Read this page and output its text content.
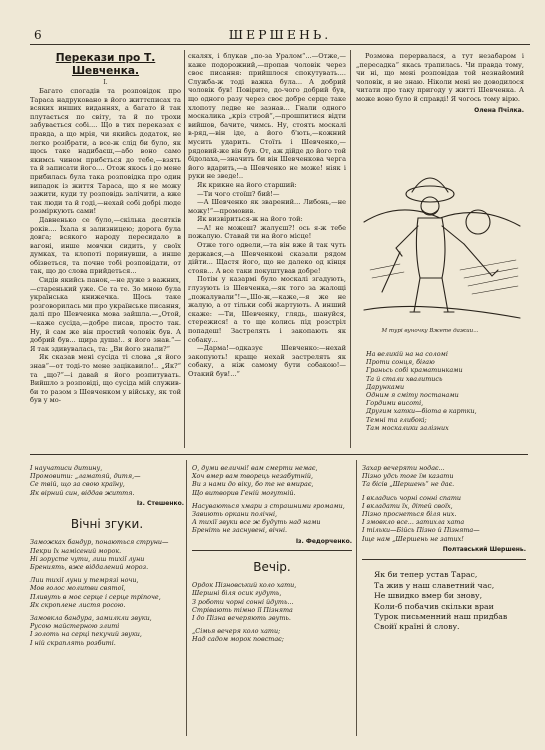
6	ШЕРШЕНЬ.
Перекази про Т. Шевченка.
I.

Багато спогадів та розповідок про Тараса надруковано в його життєписах та всяких инших виданнях, а багато й так плутається по світу, та й по трохи забувається собі.... Що в тих переказах є правда, а що мрія, чи якийсь додаток, не легко розібрати, а все-ж слід би було, як щось таке надибаєш,—або воно само якимсь чином прибється до тебе,—взять та й записати його.... Отож якось і до мене прибилась була така розповідка про один випадок із життя Тараса, що я не можу зажити, куди ту розповідь залічити, а вже так люди та й годі,—нехай собі добрі люде розміркують сами!

Давненько се було,—скілька десятків років.... Їхала я зализницею; дорога була довга; всякого народу пересидало в вагоні, инше мовчки сидить, у своїх думках, та клопоті поринувши, а инше обізветься, та почне тобі розповідати, от так, що до слова прийдеться...

Сидів якийсь панок,—не дуже з важних,—старенький уже. Се та те. Зо мною була українська книжечка. Щось таке розговорилась ми про українське писання, далі про Шевченка мова зайшла.—„Отой,—каже сусіда,—добре писав, просто так. Ну, й сам же він простий чоловік був. А добрий був... щира душа!.. я його знав.“—Я так здивувалась, та: „Ви його знали?“

Як сказав мені сусіда ті слова „я його знав“—от тоді-то мене зацікавило!.. „Як?“ та „що?“—і давай я його розпитувать. Вийшло з розповіді, що сусіда мій служив-би то разом з Шевченком у війську, як той був у мо-

скалях, і блукав „по-за Уралом“...—Отже,—каже подорожний,—пропав чоловік через своє писання: прийшлося спокутувать.... Служба-ж тоді важка була... А добрий чоловік був! Повірите, до-чого добрий був, що одного разу через своє добре серце таке хлопоту ледве не зазнав... Гнали одного москалика „кріз строй“,—прошпитися відти вийшов, бачите, чимсь. Ну, стоять москалі в-ряд,—він іде, а його б'ють,—кожний мусить ударить. Стоїть і Шевченко,—рядовий-же він був. От, аж дійде до його той бідолаха,—значить би він Шевченкова черга його вдарить,—а Шевченко не може! ніяк і руки не зведе!..

Як крикне на його старший:

—Ти чого стоїш? бий!—

—А Шевченко як зварений... Либонь,—не можу!“—промовив.

Як визвіриться-ж на його той:

—А! не можеш? жалуєш?! ось я-ж тебе пожалую. Ставай ти на його місце!

Отже того одвели,—та він вже й так чуть держався,—а Шевченкові сказали рядом дійти... Щастя його, що не далеко од кінця стояв... А все таки покуштував добре!

Потім у казармі було москалі згадують, глузують із Шевченка,—як того за жалощі „пожалували“!—„Шо-ж,—каже,—я же не жалую, а от тільки собі жартують. А инший скаже: —Ти, Шевченку, глядь, шануйся, стережися! а то ще колись під розстріл попадеш! Застрелять і закопають як собаку...

—Дарма!—одказує Шевченко:—нехай закопують! краще нехай застрелять як собаку, а ніж самому бути собакою!—Отакий був!...“

Розмова перервалася, а тут незабаром і „пересадка“ якась трапилась. Чи правда тому, чи ні, що мені розповідав той незнайомий чоловік, я не знаю. Ніколи мені не доводилося читати про таку пригоду у житті Шевченка. А може воно було й справді! Я чогось тому вірю.

Олена Пчілка.
М турі вуночку Вжете дажии...
На великій на на соломі
Проти сонця, бігаю
Граньсь собі краматинками
Та й стали хвалитись
Дарунками
Одним я сміту постанами
Гордими висоті,
Другим хатки—біота в картки,
Темні та глибокі;
Там москалики залізних
І научатиси дитину,
Промовити: „ламатяй, дитя,—
Се твій, що за свою країну,
Як вірний син, віддав життя.
Із. Стешенко.
Вічні згуки.
Заможках бандур, понаються струни—
Пекри їх намісений морок.
Ні зорусте чути, лиш тихії луни
Брениять, вже віддалений мороз.
Лии тихії луни у темрязі ночи,
Мов голос молитви святої,
Пливуть в моє серце і серце тріпоче,
Як скроплене листя росою.
Замовкла бандура, замилкли звуки,
Русою майстерною злиті
І золоть на серці пекучий звуки,
І ній скраплять розбиті.
О, думи величні! вам смерти немає,
Хоч вмер вам творець незабутній,
Ви з нами до віку, бо те не вмирає,
Що витворив Геній могутній.
Насуваються хмари з страшними громами,
Завиють оркани полічні,
А тихії звуки все ж будуть над нами
Бреніть не заснувені, вічні.
Із. Федорченко.
Вечір.
Ордок Пізновський коло хати,
Шершні біля осик гудуть,
З роботи чорні сонні йдуть...
Стрівають тімно її Пізнята
І до Пізна вечеряють звуть.
„Сімья вечеря коло хати;
Над садом морок повстає;
Захар вечеряти нодає...
Пізно удсь тоге їм казати
Та бісів „Шершень“ не дає.
І вкладись чорні сонні спати
І вкладати їх, дітей своїх,
Пізно проснеться біля них.
І змовкло все... затихла хата
І тільки—Бійсь Пізно й Пізнята—
Іще нам „Шершень не затих!
Полтавський Шершень.
Як би тепер устав Тарас,
Та жив у наш славетний час,
Не швидко вмер би знову,
Коли-б побачив скільки враи
Турок письменний наш придбав
Свойї країні й слову.
